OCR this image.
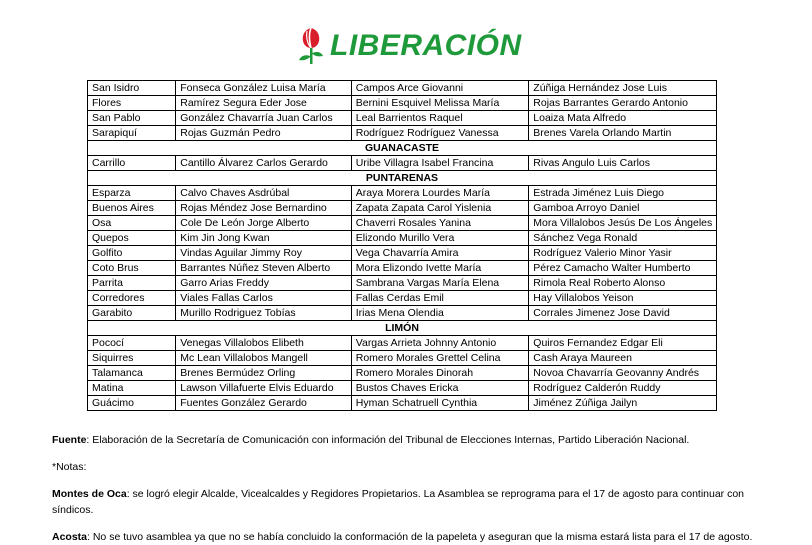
LIBERACIÓN
San Isidro	Fonseca González Luisa María	Campos Arce Giovanni	Zúñiga Hernández Jose Luis
Flores	Ramírez Segura Eder Jose	Bernini Esquivel Melissa María	Rojas Barrantes Gerardo Antonio
San Pablo	González Chavarría Juan Carlos	Leal Barrientos Raquel	Loaiza Mata Alfredo
Sarapiquí	Rojas Guzmán Pedro	Rodríguez Rodríguez Vanessa	Brenes Varela Orlando Martin
GUANACASTE			
Carrillo	Cantillo Álvarez Carlos Gerardo	Uribe Villagra Isabel Francina	Rivas Angulo Luis Carlos
PUNTARENAS			
Esparza	Calvo Chaves Asdrúbal	Araya Morera Lourdes María	Estrada Jiménez Luis Diego
Buenos Aires	Rojas Méndez Jose Bernardino	Zapata Zapata Carol Yislenia	Gamboa Arroyo Daniel
Osa	Cole De León Jorge Alberto	Chaverri Rosales Yanina	Mora Villalobos Jesús De Los Ángeles
Quepos	Kim Jin Jong Kwan	Elizondo Murillo Vera	Sánchez Vega Ronald
Golfito	Vindas Aguilar Jimmy Roy	Vega Chavarría Amira	Rodríguez Valerio Minor Yasir
Coto Brus	Barrantes Núñez Steven Alberto	Mora Elizondo Ivette María	Pérez Camacho Walter Humberto
Parrita	Garro Arias Freddy	Sambrana Vargas María Elena	Rimola Real Roberto Alonso
Corredores	Viales Fallas Carlos	Fallas Cerdas Emil	Hay Villalobos Yeison
Garabito	Murillo Rodriguez Tobías	Irias Mena Olendia	Corrales Jimenez Jose David
LIMÓN			
Pococí	Venegas Villalobos Elibeth	Vargas Arrieta Johnny Antonio	Quiros Fernandez Edgar Eli
Siquirres	Mc Lean Villalobos Mangell	Romero Morales Grettel Celina	Cash Araya Maureen
Talamanca	Brenes Bermúdez Orling	Romero Morales Dinorah	Novoa Chavarría Geovanny Andrés
Matina	Lawson Villafuerte Elvis Eduardo	Bustos Chaves Ericka	Rodríguez Calderón Ruddy
Guácimo	Fuentes González Gerardo	Hyman Schatruell Cynthia	Jiménez Zúñiga Jailyn

Fuente: Elaboración de la Secretaría de Comunicación con información del Tribunal de Elecciones Internas, Partido Liberación Nacional.

*Notas:

Montes de Oca: se logró elegir Alcalde, Vicealcaldes y Regidores Propietarios. La Asamblea se reprograma para el 17 de agosto para continuar con síndicos.

Acosta: No se tuvo asamblea ya que no se había concluido la conformación de la papeleta y aseguran que la misma estará lista para el 17 de agosto.
